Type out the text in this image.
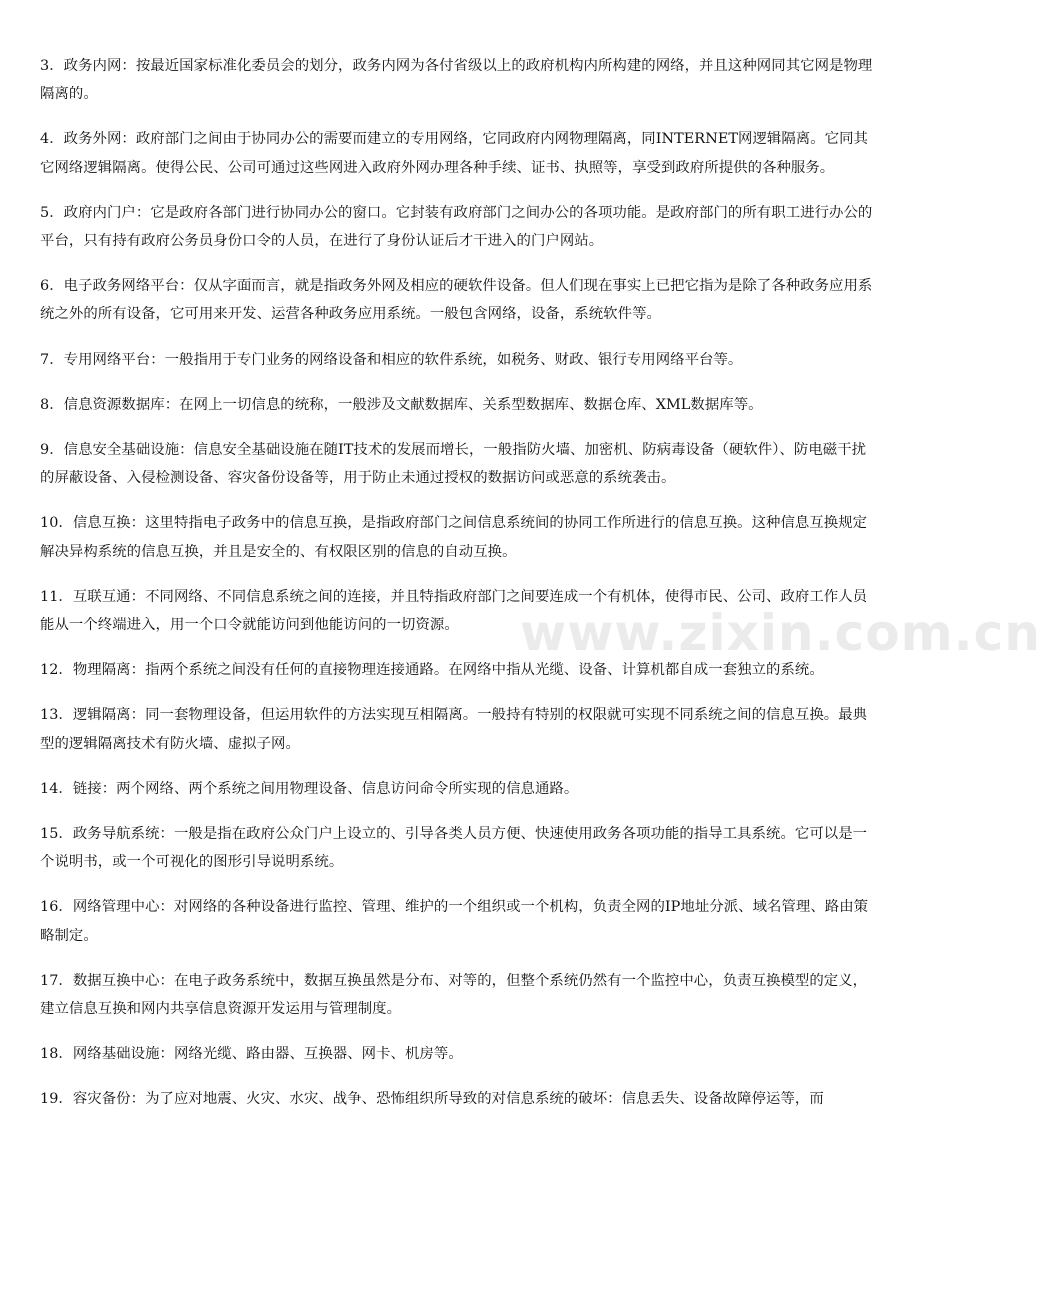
3．政务内网：按最近国家标准化委员会的划分，政务内网为各付省级以上的政府机构内所构建的网络，并且这种网同其它网是物理隔离的。

4．政务外网：政府部门之间由于协同办公的需要而建立的专用网络，它同政府内网物理隔离，同INTERNET网逻辑隔离。它同其它网络逻辑隔离。使得公民、公司可通过这些网进入政府外网办理各种手续、证书、执照等，享受到政府所提供的各种服务。

5．政府内门户：它是政府各部门进行协同办公的窗口。它封装有政府部门之间办公的各项功能。是政府部门的所有职工进行办公的平台，只有持有政府公务员身份口令的人员，在进行了身份认证后才干进入的门户网站。

6．电子政务网络平台：仅从字面而言，就是指政务外网及相应的硬软件设备。但人们现在事实上已把它指为是除了各种政务应用系统之外的所有设备，它可用来开发、运营各种政务应用系统。一般包含网络，设备，系统软件等。

7．专用网络平台：一般指用于专门业务的网络设备和相应的软件系统，如税务、财政、银行专用网络平台等。

8．信息资源数据库：在网上一切信息的统称，一般涉及文献数据库、关系型数据库、数据仓库、XML数据库等。

9．信息安全基础设施：信息安全基础设施在随IT技术的发展而增长，一般指防火墙、加密机、防病毒设备（硬软件）、防电磁干扰的屏蔽设备、入侵检测设备、容灾备份设备等，用于防止未通过授权的数据访问或恶意的系统袭击。

10．信息互换：这里特指电子政务中的信息互换，是指政府部门之间信息系统间的协同工作所进行的信息互换。这种信息互换规定解决异构系统的信息互换，并且是安全的、有权限区别的信息的自动互换。

11．互联互通：不同网络、不同信息系统之间的连接，并且特指政府部门之间要连成一个有机体，使得市民、公司、政府工作人员能从一个终端进入，用一个口令就能访问到他能访问的一切资源。

12．物理隔离：指两个系统之间没有任何的直接物理连接通路。在网络中指从光缆、设备、计算机都自成一套独立的系统。

13．逻辑隔离：同一套物理设备，但运用软件的方法实现互相隔离。一般持有特别的权限就可实现不同系统之间的信息互换。最典型的逻辑隔离技术有防火墙、虚拟子网。

14．链接：两个网络、两个系统之间用物理设备、信息访问命令所实现的信息通路。

15．政务导航系统：一般是指在政府公众门户上设立的、引导各类人员方便、快速使用政务各项功能的指导工具系统。它可以是一个说明书，或一个可视化的图形引导说明系统。

16．网络管理中心：对网络的各种设备进行监控、管理、维护的一个组织或一个机构，负责全网的IP地址分派、域名管理、路由策略制定。

17．数据互换中心：在电子政务系统中，数据互换虽然是分布、对等的，但整个系统仍然有一个监控中心，负责互换模型的定义，建立信息互换和网内共享信息资源开发运用与管理制度。

18．网络基础设施：网络光缆、路由器、互换器、网卡、机房等。

19．容灾备份：为了应对地震、火灾、水灾、战争、恐怖组织所导致的对信息系统的破坏：信息丢失、设备故障停运等，而

www.zixin.com.cn
